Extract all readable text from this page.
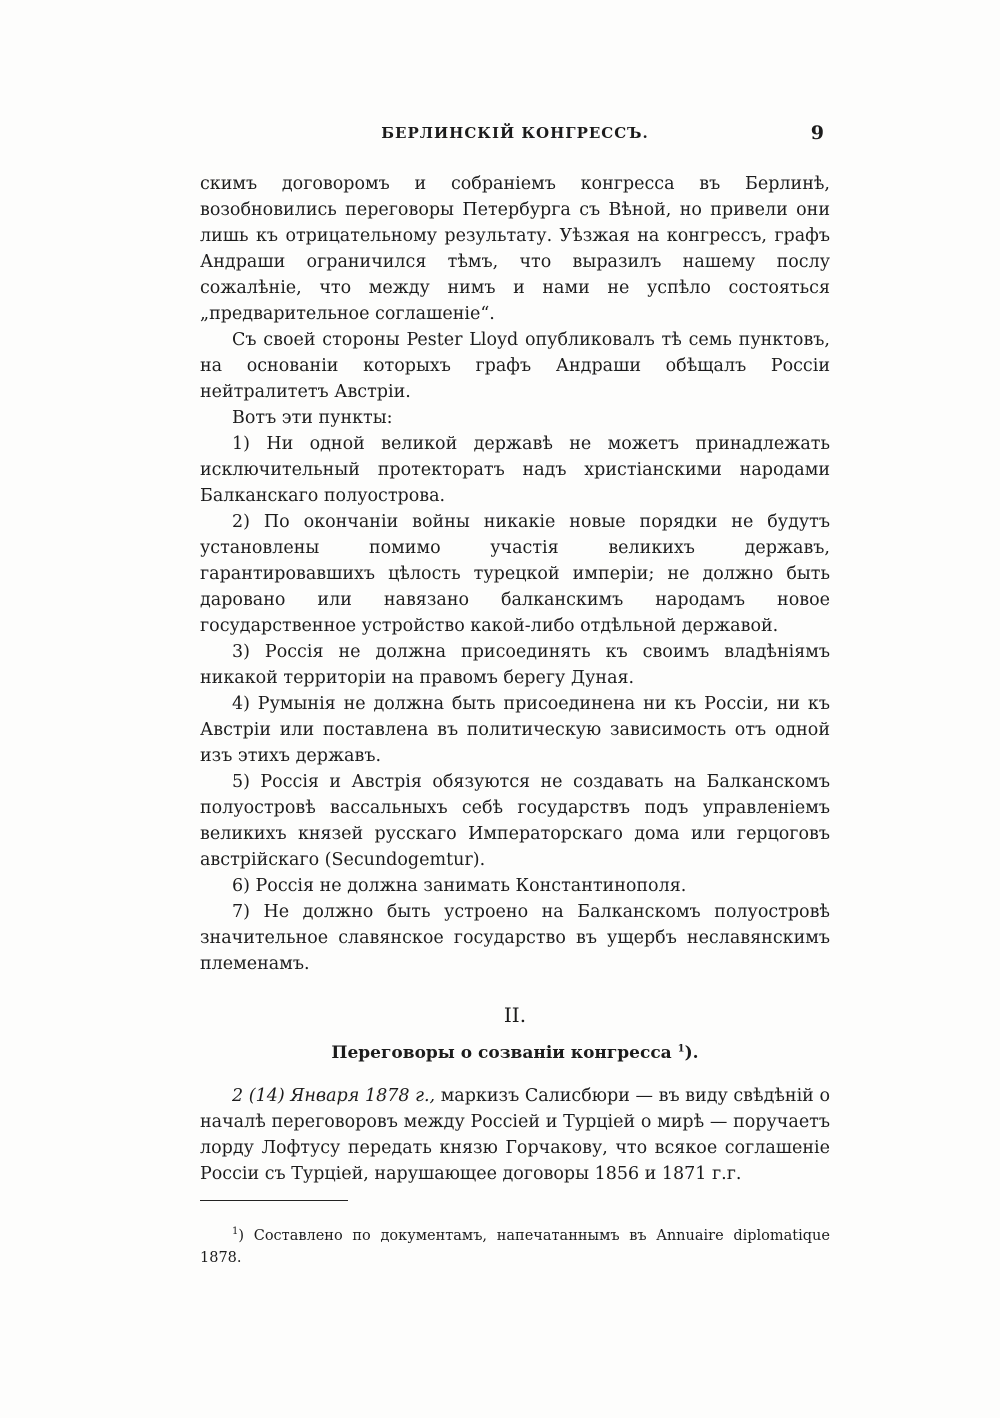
БЕРЛИНСКІЙ КОНГРЕССЪ.	9

скимъ договоромъ и собраніемъ конгресса въ Берлинѣ, возобновились переговоры Петербурга съ Вѣной, но привели они лишь къ отрицательному результату. Уѣзжая на конгрессъ, графъ Андраши ограничился тѣмъ, что выразилъ нашему послу сожалѣніе, что между нимъ и нами не успѣло состояться „предварительное соглашеніе“.

Съ своей стороны Pester Lloyd опубликовалъ тѣ семь пунктовъ, на основаніи которыхъ графъ Андраши обѣщалъ Россіи нейтралитетъ Австріи.

Вотъ эти пункты:

1) Ни одной великой державѣ не можетъ принадлежать исключительный протекторатъ надъ христіанскими народами Балканскаго полуострова.

2) По окончаніи войны никакіе новые порядки не будутъ установлены помимо участія великихъ державъ, гарантировавшихъ цѣлость турецкой имперіи; не должно быть даровано или навязано балканскимъ народамъ новое государственное устройство какой-либо отдѣльной державой.

3) Россія не должна присоединять къ своимъ владѣніямъ никакой территоріи на правомъ берегу Дуная.

4) Румынія не должна быть присоединена ни къ Россіи, ни къ Австріи или поставлена въ политическую зависимость отъ одной изъ этихъ державъ.

5) Россія и Австрія обязуются не создавать на Балканскомъ полуостровѣ вассальныхъ себѣ государствъ подъ управленіемъ великихъ князей русскаго Императорскаго дома или герцоговъ австрійскаго (Secundogemtur).

6) Россія не должна занимать Константинополя.

7) Не должно быть устроено на Балканскомъ полуостровѣ значительное славянское государство въ ущербъ неславянскимъ племенамъ.

II.
Переговоры о созваніи конгресса $^1$).

2 (14) Января 1878 г., маркизъ Салисбюри — въ виду свѣдѣній о началѣ переговоровъ между Россіей и Турціей о мирѣ — поручаетъ лорду Лофтусу передать князю Горчакову, что всякое соглашеніе Россіи съ Турціей, нарушающее договоры 1856 и 1871 г.г.

$^1$) Составлено по документамъ, напечатаннымъ въ Annuaire diplomatique 1878.
